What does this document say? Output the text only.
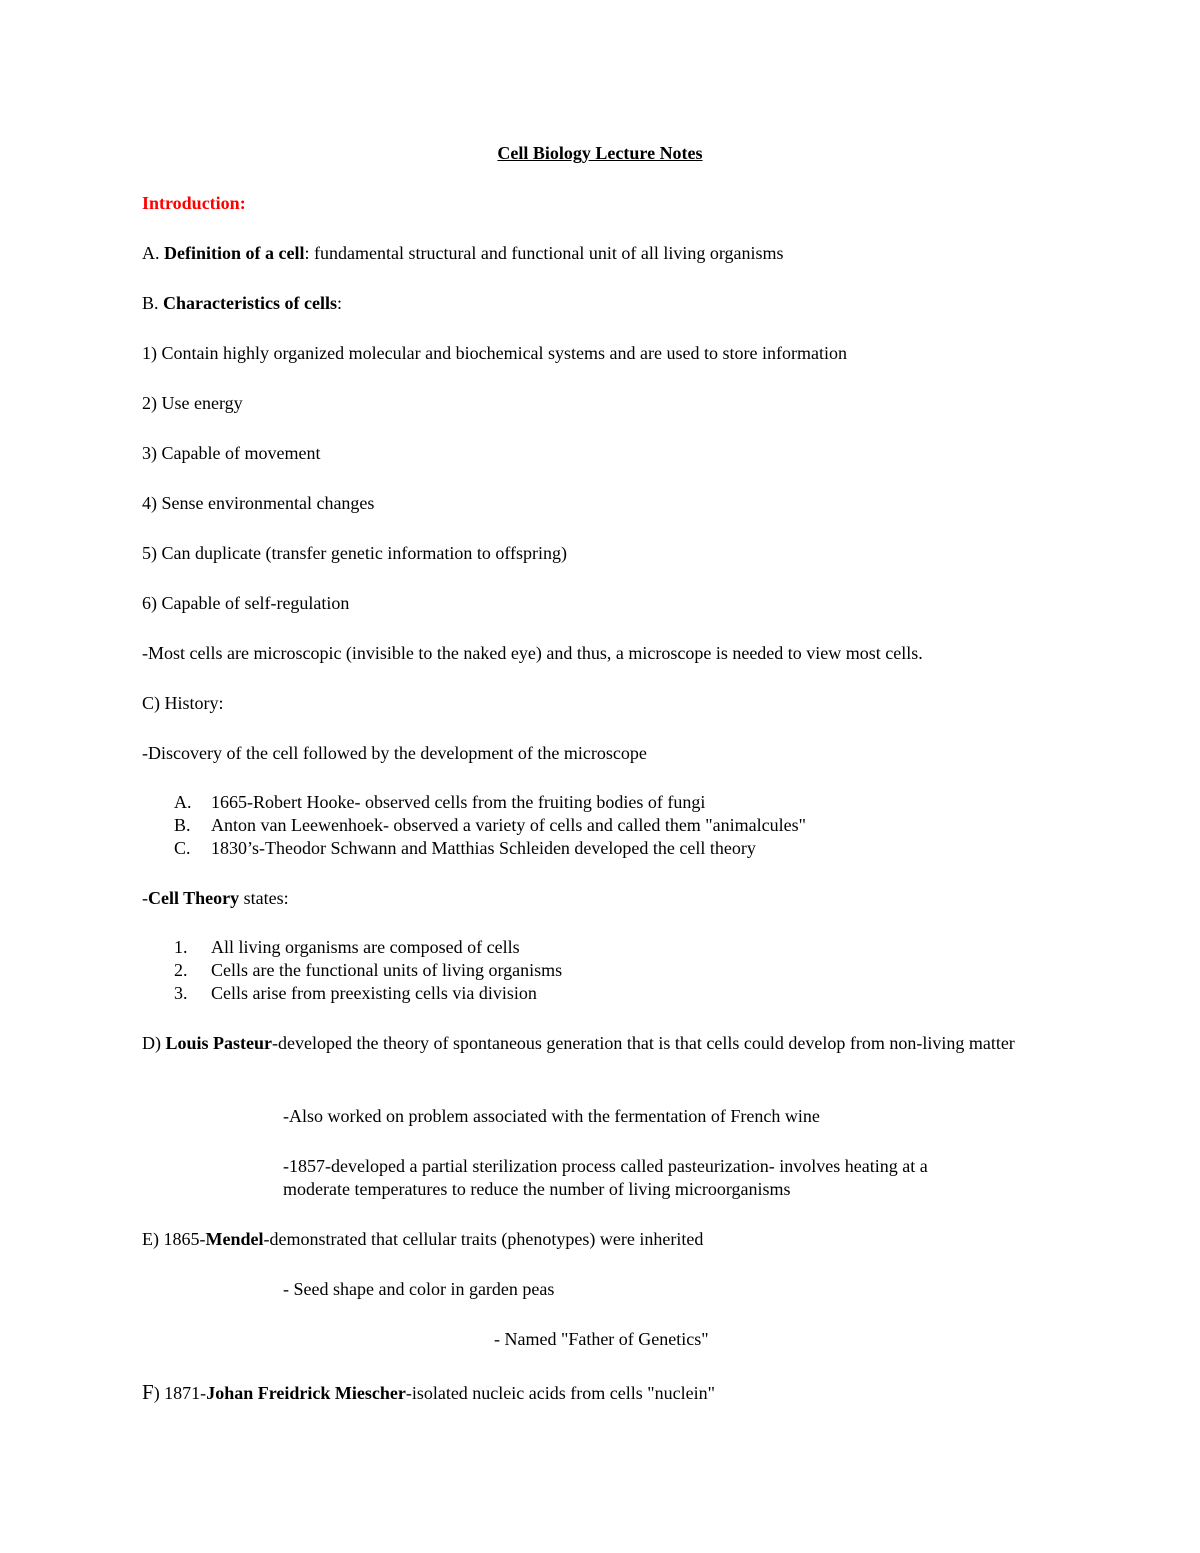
Cell Biology Lecture Notes
Introduction:
A. Definition of a cell: fundamental structural and functional unit of all living organisms
B. Characteristics of cells:
1) Contain highly organized molecular and biochemical systems and are used to store information
2) Use energy
3) Capable of movement
4) Sense environmental changes
5) Can duplicate (transfer genetic information to offspring)
6) Capable of self-regulation
-Most cells are microscopic (invisible to the naked eye) and thus, a microscope is needed to view most cells.
C) History:
-Discovery of the cell followed by the development of the microscope
A. 1665-Robert Hooke- observed cells from the fruiting bodies of fungi
B. Anton van Leewenhoek- observed a variety of cells and called them "animalcules"
C. 1830’s-Theodor Schwann and Matthias Schleiden developed the cell theory
-Cell Theory states:
1. All living organisms are composed of cells
2. Cells are the functional units of living organisms
3. Cells arise from preexisting cells via division
D) Louis Pasteur-developed the theory of spontaneous generation that is that cells could develop from non-living matter
-Also worked on problem associated with the fermentation of French wine
-1857-developed a partial sterilization process called pasteurization- involves heating at a
moderate temperatures to reduce the number of living microorganisms
E) 1865-Mendel-demonstrated that cellular traits (phenotypes) were inherited
- Seed shape and color in garden peas
- Named "Father of Genetics"
F) 1871-Johan Freidrick Miescher-isolated nucleic acids from cells "nuclein"
